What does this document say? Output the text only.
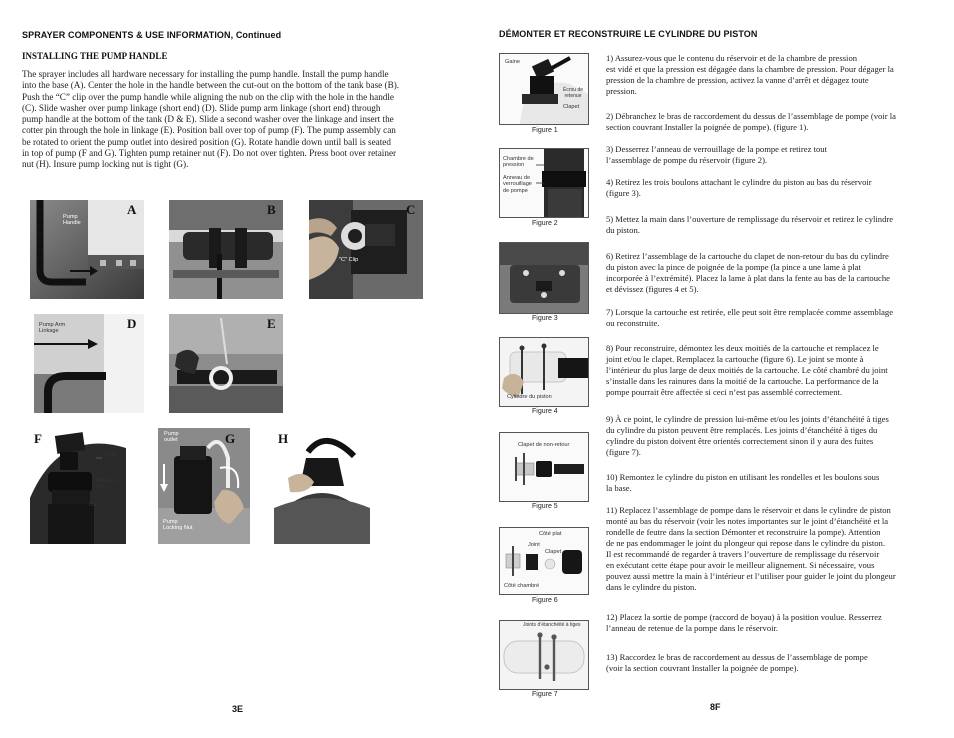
SPRAYER COMPONENTS & USE INFORMATION, Continued
INSTALLING THE PUMP HANDLE

The sprayer includes all hardware necessary for installing the pump handle. Install the pump handle

into the base (A). Center the hole in the handle between the cut-out on the bottom of the tank base (B).

Push the “C” clip over the pump handle while aligning the nub on the clip with the hole in the handle

(C). Slide washer over pump linkage (short end) (D). Slide pump arm linkage (short end) through

pump handle at the bottom of the tank (D & E). Slide a second washer over the linkage and insert the

cotter pin through the hole in linkage (E). Position ball over top of pump (F). The pump assembly can

be rotated to orient the pump outlet into desired position (G). Rotate handle down until ball is seated

in top of pump (F and G). Tighten pump retainer nut (F). Do not over tighten. Press boot over retainer

nut (H). Insure pump locking nut is tight (G).

A
Pump
Handle
B	C
"C" Clip
D
Pump Arm
Linkage
E
F
Boot
Retainer
Nut
Ball
G
Pump
outlet
Pump
Locking Nut
H
3E
DÉMONTER ET RECONSTRUIRE LE CYLINDRE DU PISTON
Gaine
Écrou de
retenue
Clapet
Figure 1
Chambre de
pression
Anneau de
verrouillage
de pompe
Figure 2
Figure 3
Cylindre du piston
Figure 4
Clapet de non-retour
Figure 5
Côté plat
Joint
Clapet
Côté chambré
Figure 6
Joints d’étanchéité à tiges
Figure 7

1) Assurez-vous que le contenu du réservoir et de la chambre de pression

est vidé et que la pression est dégagée dans la chambre de pression. Pour dégager la

pression de la chambre de pression, activez la vanne d’arrêt et dégagez toute

pression.

2) Débranchez le bras de raccordement du dessus de l’assemblage de pompe (voir la

section couvrant Installer la poignée de pompe). (figure 1).

3) Desserrez l’anneau de verrouillage de la pompe et retirez tout

l’assemblage de pompe du réservoir (figure 2).

4) Retirez les trois boulons attachant le cylindre du piston au bas du réservoir

(figure 3).

5) Mettez la main dans l’ouverture de remplissage du réservoir et retirez le cylindre

du piston.

6) Retirez l’assemblage de la cartouche du clapet de non-retour du bas du cylindre

du piston avec la pince de poignée de la pompe (la pince a une lame à plat

incorporée à l’extrémité). Placez la lame à plat dans la fente au bas de la cartouche

et dévissez (figures 4 et 5).

7) Lorsque la cartouche est retirée, elle peut soit être remplacée comme assemblage

ou reconstruite.

8) Pour reconstruire, démontez les deux moitiés de la cartouche et remplacez le

joint et/ou le clapet. Remplacez la cartouche (figure 6). Le joint se monte à

l’intérieur du plus large de deux moitiés de la cartouche. Le côté chambré du joint

s’installe dans les rainures dans la moitié de la cartouche. La performance de la

pompe pourrait être affectée si ceci n’est pas assemblé correctement.

9) À ce point, le cylindre de pression lui-même et/ou les joints d’étanchéité à tiges

du cylindre du piston peuvent être remplacés. Les joints d’étanchéité à tiges du

cylindre du piston doivent être orientés correctement sinon il y aura des fuites

(figure 7).

10) Remontez le cylindre du piston en utilisant les rondelles et les boulons sous

la base.

11) Replacez l’assemblage de pompe dans le réservoir et dans le cylindre de piston

monté au bas du réservoir (voir les notes importantes sur le joint d’étanchéité et la

rondelle de feutre dans la section Démonter et reconstruire la pompe). Attention

de ne pas endommager le joint du plongeur qui repose dans le cylindre du piston.

Il est recommandé de regarder à travers l’ouverture de remplissage du réservoir

en exécutant cette étape pour avoir le meilleur alignement. Si nécessaire, vous

pouvez aussi mettre la main à l’intérieur et l’utiliser pour guider le joint du plongeur

dans le cylindre du piston.

12) Placez la sortie de pompe (raccord de boyau) à la position voulue. Resserrez

l’anneau de retenue de la pompe dans le réservoir.

13) Raccordez le bras de raccordement au dessus de l’assemblage de pompe

(voir la section couvrant Installer la poignée de pompe).

8F
